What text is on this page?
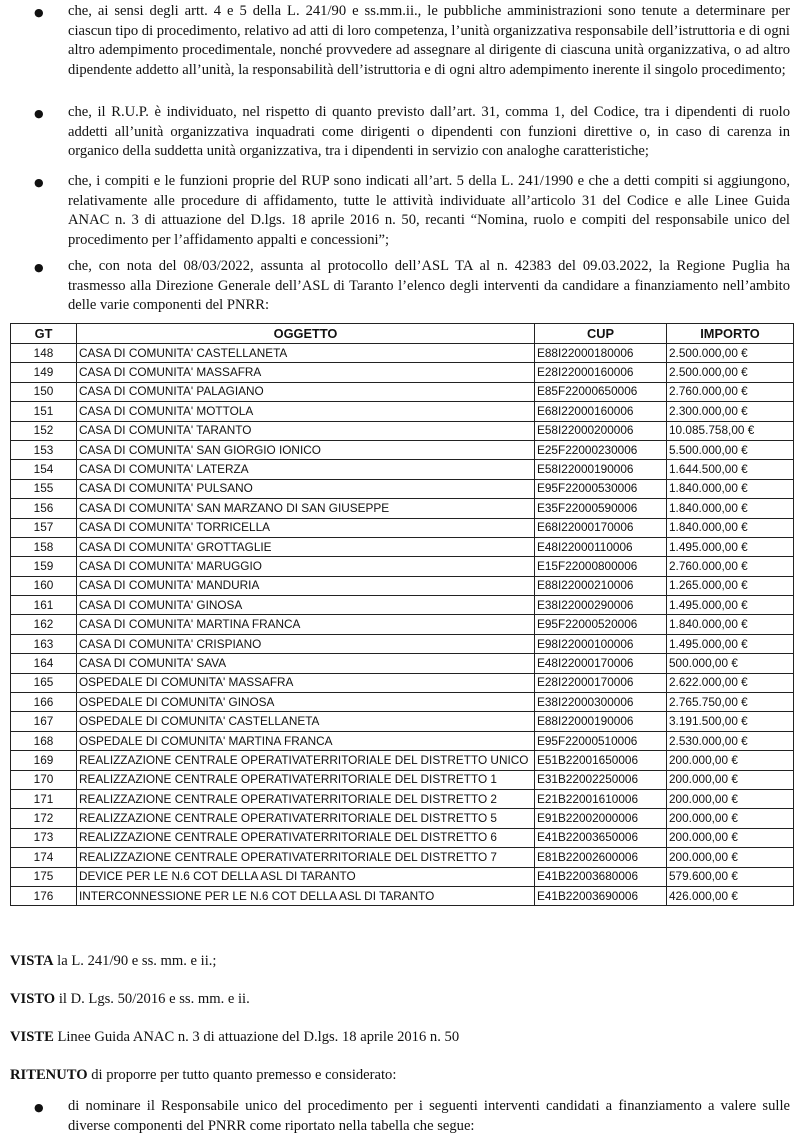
● che, ai sensi degli artt. 4 e 5 della L. 241/90 e ss.mm.ii., le pubbliche amministrazioni sono tenute a determinare per ciascun tipo di procedimento, relativo ad atti di loro competenza, l’unità organizzativa responsabile dell’istruttoria e di ogni altro adempimento procedimentale, nonché provvedere ad assegnare al dirigente di ciascuna unità organizzativa, o ad altro dipendente addetto all’unità, la responsabilità dell’istruttoria e di ogni altro adempimento inerente il singolo procedimento;
● che, il R.U.P. è individuato, nel rispetto di quanto previsto dall’art. 31, comma 1, del Codice, tra i dipendenti di ruolo addetti all’unità organizzativa inquadrati come dirigenti o dipendenti con funzioni direttive o, in caso di carenza in organico della suddetta unità organizzativa, tra i dipendenti in servizio con analoghe caratteristiche;
● che, i compiti e le funzioni proprie del RUP sono indicati all’art. 5 della L. 241/1990 e che a detti compiti si aggiungono, relativamente alle procedure di affidamento, tutte le attività individuate all’articolo 31 del Codice e alle Linee Guida ANAC n. 3 di attuazione del D.lgs. 18 aprile 2016 n. 50, recanti “Nomina, ruolo e compiti del responsabile unico del procedimento per l’affidamento appalti e concessioni”;
● che, con nota del 08/03/2022, assunta al protocollo dell’ASL TA al n. 42383 del 09.03.2022, la Regione Puglia ha trasmesso alla Direzione Generale dell’ASL di Taranto l’elenco degli interventi da candidare a finanziamento nell’ambito delle varie componenti del PNRR:
GT	OGGETTO	CUP	IMPORTO
148	CASA DI COMUNITA' CASTELLANETA	E88I22000180006	2.500.000,00 €
149	CASA DI COMUNITA' MASSAFRA	E28I22000160006	2.500.000,00 €
150	CASA DI COMUNITA' PALAGIANO	E85F22000650006	2.760.000,00 €
151	CASA DI COMUNITA' MOTTOLA	E68I22000160006	2.300.000,00 €
152	CASA DI COMUNITA' TARANTO	E58I22000200006	10.085.758,00 €
153	CASA DI COMUNITA' SAN GIORGIO IONICO	E25F22000230006	5.500.000,00 €
154	CASA DI COMUNITA' LATERZA	E58I22000190006	1.644.500,00 €
155	CASA DI COMUNITA' PULSANO	E95F22000530006	1.840.000,00 €
156	CASA DI COMUNITA' SAN MARZANO DI SAN GIUSEPPE	E35F22000590006	1.840.000,00 €
157	CASA DI COMUNITA' TORRICELLA	E68I22000170006	1.840.000,00 €
158	CASA DI COMUNITA' GROTTAGLIE	E48I22000110006	1.495.000,00 €
159	CASA DI COMUNITA' MARUGGIO	E15F22000800006	2.760.000,00 €
160	CASA DI COMUNITA' MANDURIA	E88I22000210006	1.265.000,00 €
161	CASA DI COMUNITA' GINOSA	E38I22000290006	1.495.000,00 €
162	CASA DI COMUNITA' MARTINA FRANCA	E95F22000520006	1.840.000,00 €
163	CASA DI COMUNITA' CRISPIANO	E98I22000100006	1.495.000,00 €
164	CASA DI COMUNITA' SAVA	E48I22000170006	500.000,00 €
165	OSPEDALE DI COMUNITA' MASSAFRA	E28I22000170006	2.622.000,00 €
166	OSPEDALE DI COMUNITA' GINOSA	E38I22000300006	2.765.750,00 €
167	OSPEDALE DI COMUNITA' CASTELLANETA	E88I22000190006	3.191.500,00 €
168	OSPEDALE DI COMUNITA' MARTINA FRANCA	E95F22000510006	2.530.000,00 €
169	REALIZZAZIONE CENTRALE OPERATIVATERRITORIALE DEL DISTRETTO UNICO	E51B22001650006	200.000,00 €
170	REALIZZAZIONE CENTRALE OPERATIVATERRITORIALE DEL DISTRETTO 1	E31B22002250006	200.000,00 €
171	REALIZZAZIONE CENTRALE OPERATIVATERRITORIALE DEL DISTRETTO 2	E21B22001610006	200.000,00 €
172	REALIZZAZIONE CENTRALE OPERATIVATERRITORIALE DEL DISTRETTO 5	E91B22002000006	200.000,00 €
173	REALIZZAZIONE CENTRALE OPERATIVATERRITORIALE DEL DISTRETTO 6	E41B22003650006	200.000,00 €
174	REALIZZAZIONE CENTRALE OPERATIVATERRITORIALE DEL DISTRETTO 7	E81B22002600006	200.000,00 €
175	DEVICE PER LE N.6 COT DELLA ASL DI TARANTO	E41B22003680006	579.600,00 €
176	INTERCONNESSIONE PER LE N.6 COT DELLA ASL DI TARANTO	E41B22003690006	426.000,00 €
VISTA la L. 241/90 e ss. mm. e ii.;
VISTO il D. Lgs. 50/2016 e ss. mm. e ii.
VISTE Linee Guida ANAC n. 3 di attuazione del D.lgs. 18 aprile 2016 n. 50
RITENUTO di proporre per tutto quanto premesso e considerato:
● di nominare il Responsabile unico del procedimento per i seguenti interventi candidati a finanziamento a valere sulle diverse componenti del PNRR come riportato nella tabella che segue:
